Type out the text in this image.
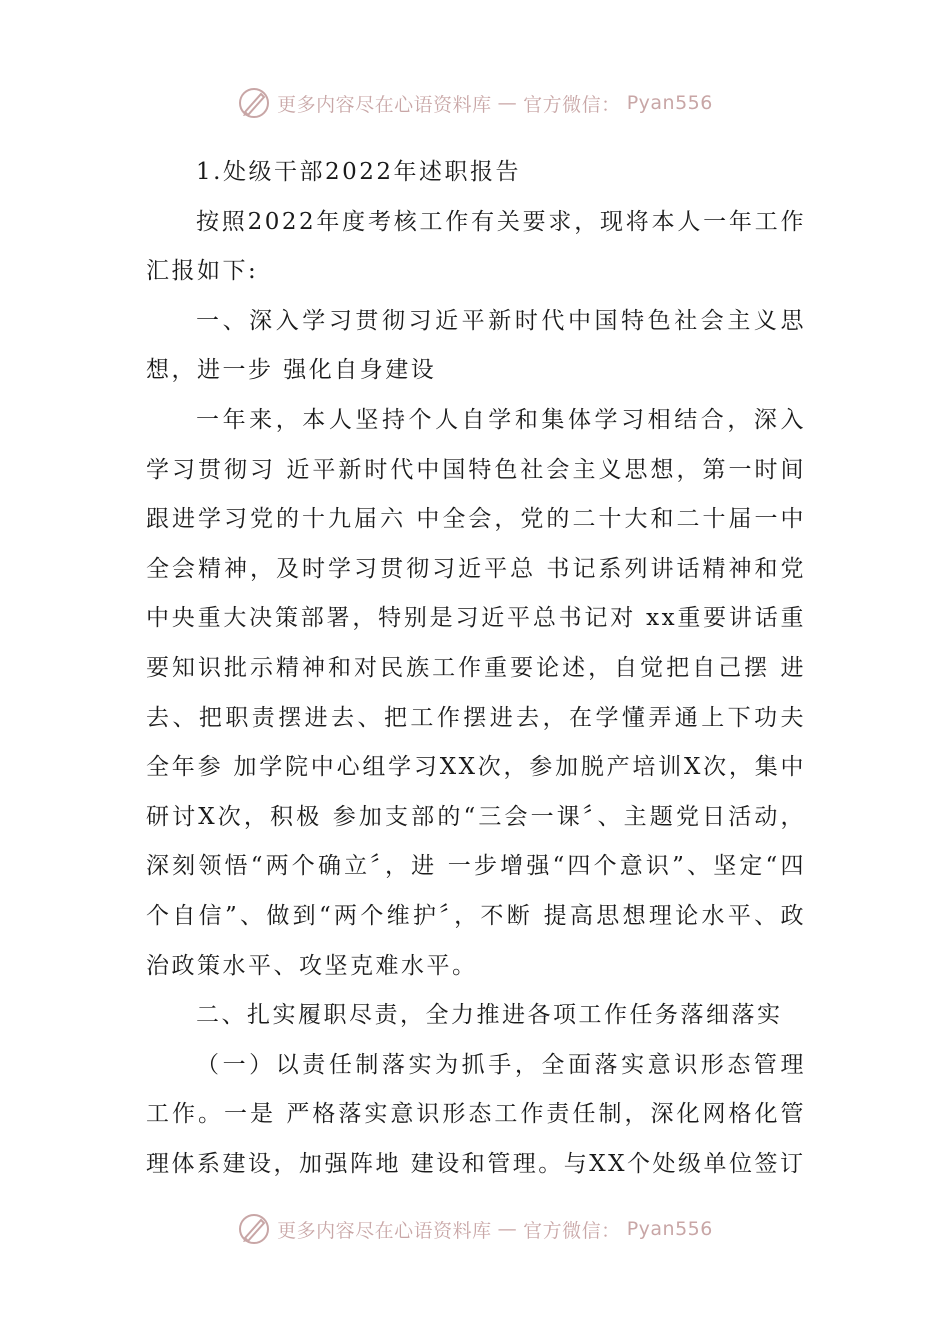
更多内容尽在心语资料库 — 官方微信： Pyan556

1.处级干部2022年述职报告

按照2022年度考核工作有关要求，现将本人一年工作汇报如下:

一、深入学习贯彻习近平新时代中国特色社会主义思想，进一步 强化自身建设

一年来，本人坚持个人自学和集体学习相结合，深入学习贯彻习 近平新时代中国特色社会主义思想，第一时间跟进学习党的十九届六 中全会，党的二十大和二十届一中全会精神，及时学习贯彻习近平总 书记系列讲话精神和党中央重大决策部署，特别是习近平总书记对 xx重要讲话重要知识批示精神和对民族工作重要论述，自觉把自己摆 进去、把职责摆进去、把工作摆进去，在学懂弄通上下功夫全年参 加学院中心组学习XX次，参加脱产培训X次，集中研讨X次，积极 参加支部的“三会一课〞、主题党日活动，深刻领悟“两个确立〞，进 一步增强“四个意识”、坚定“四个自信”、做到“两个维护〞，不断 提高思想理论水平、政治政策水平、攻坚克难水平。

二、扎实履职尽责，全力推进各项工作任务落细落实

（一）以责任制落实为抓手，全面落实意识形态管理工作。一是 严格落实意识形态工作责任制，深化网格化管理体系建设，加强阵地 建设和管理。与XX个处级单位签订

更多内容尽在心语资料库 — 官方微信： Pyan556
